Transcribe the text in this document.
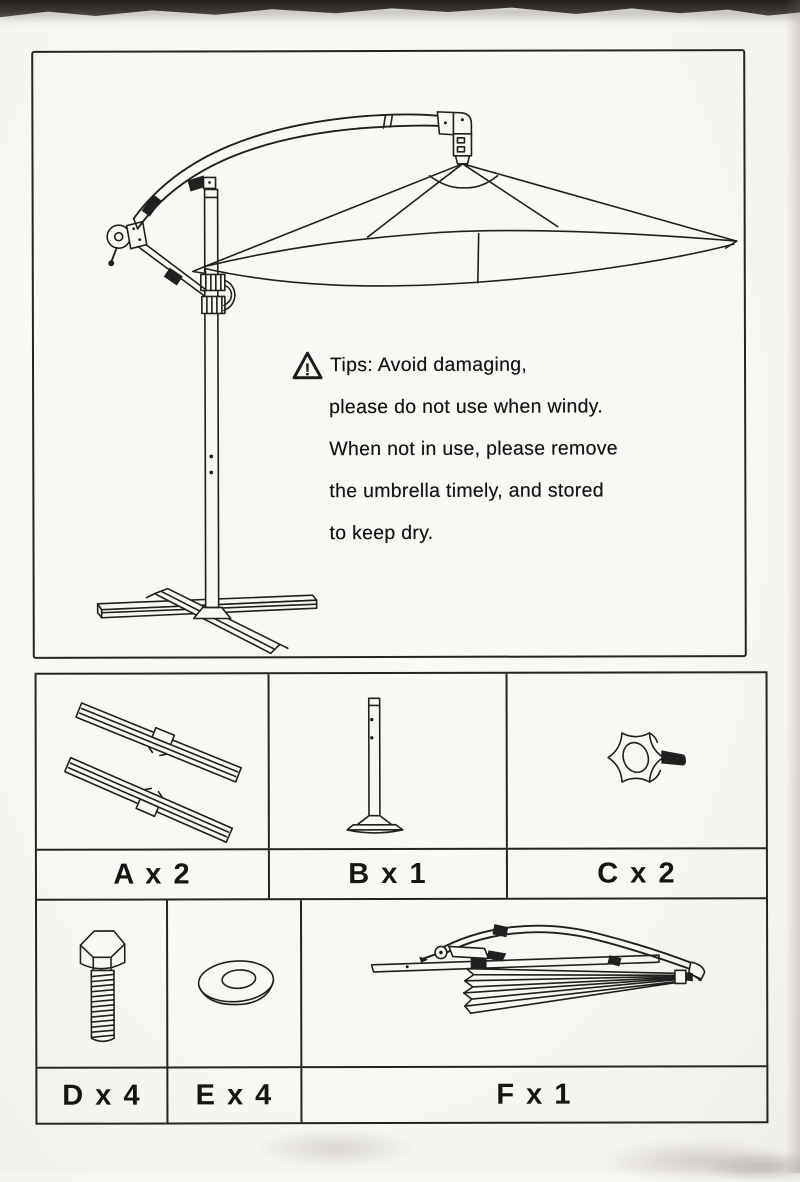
! Tips: Avoid damaging,
please do not use when windy.
When not in use, please remove
the umbrella timely, and stored
to keep dry.
A x 2	B x 1	C x 2
D x 4	E x 4	F x 1
